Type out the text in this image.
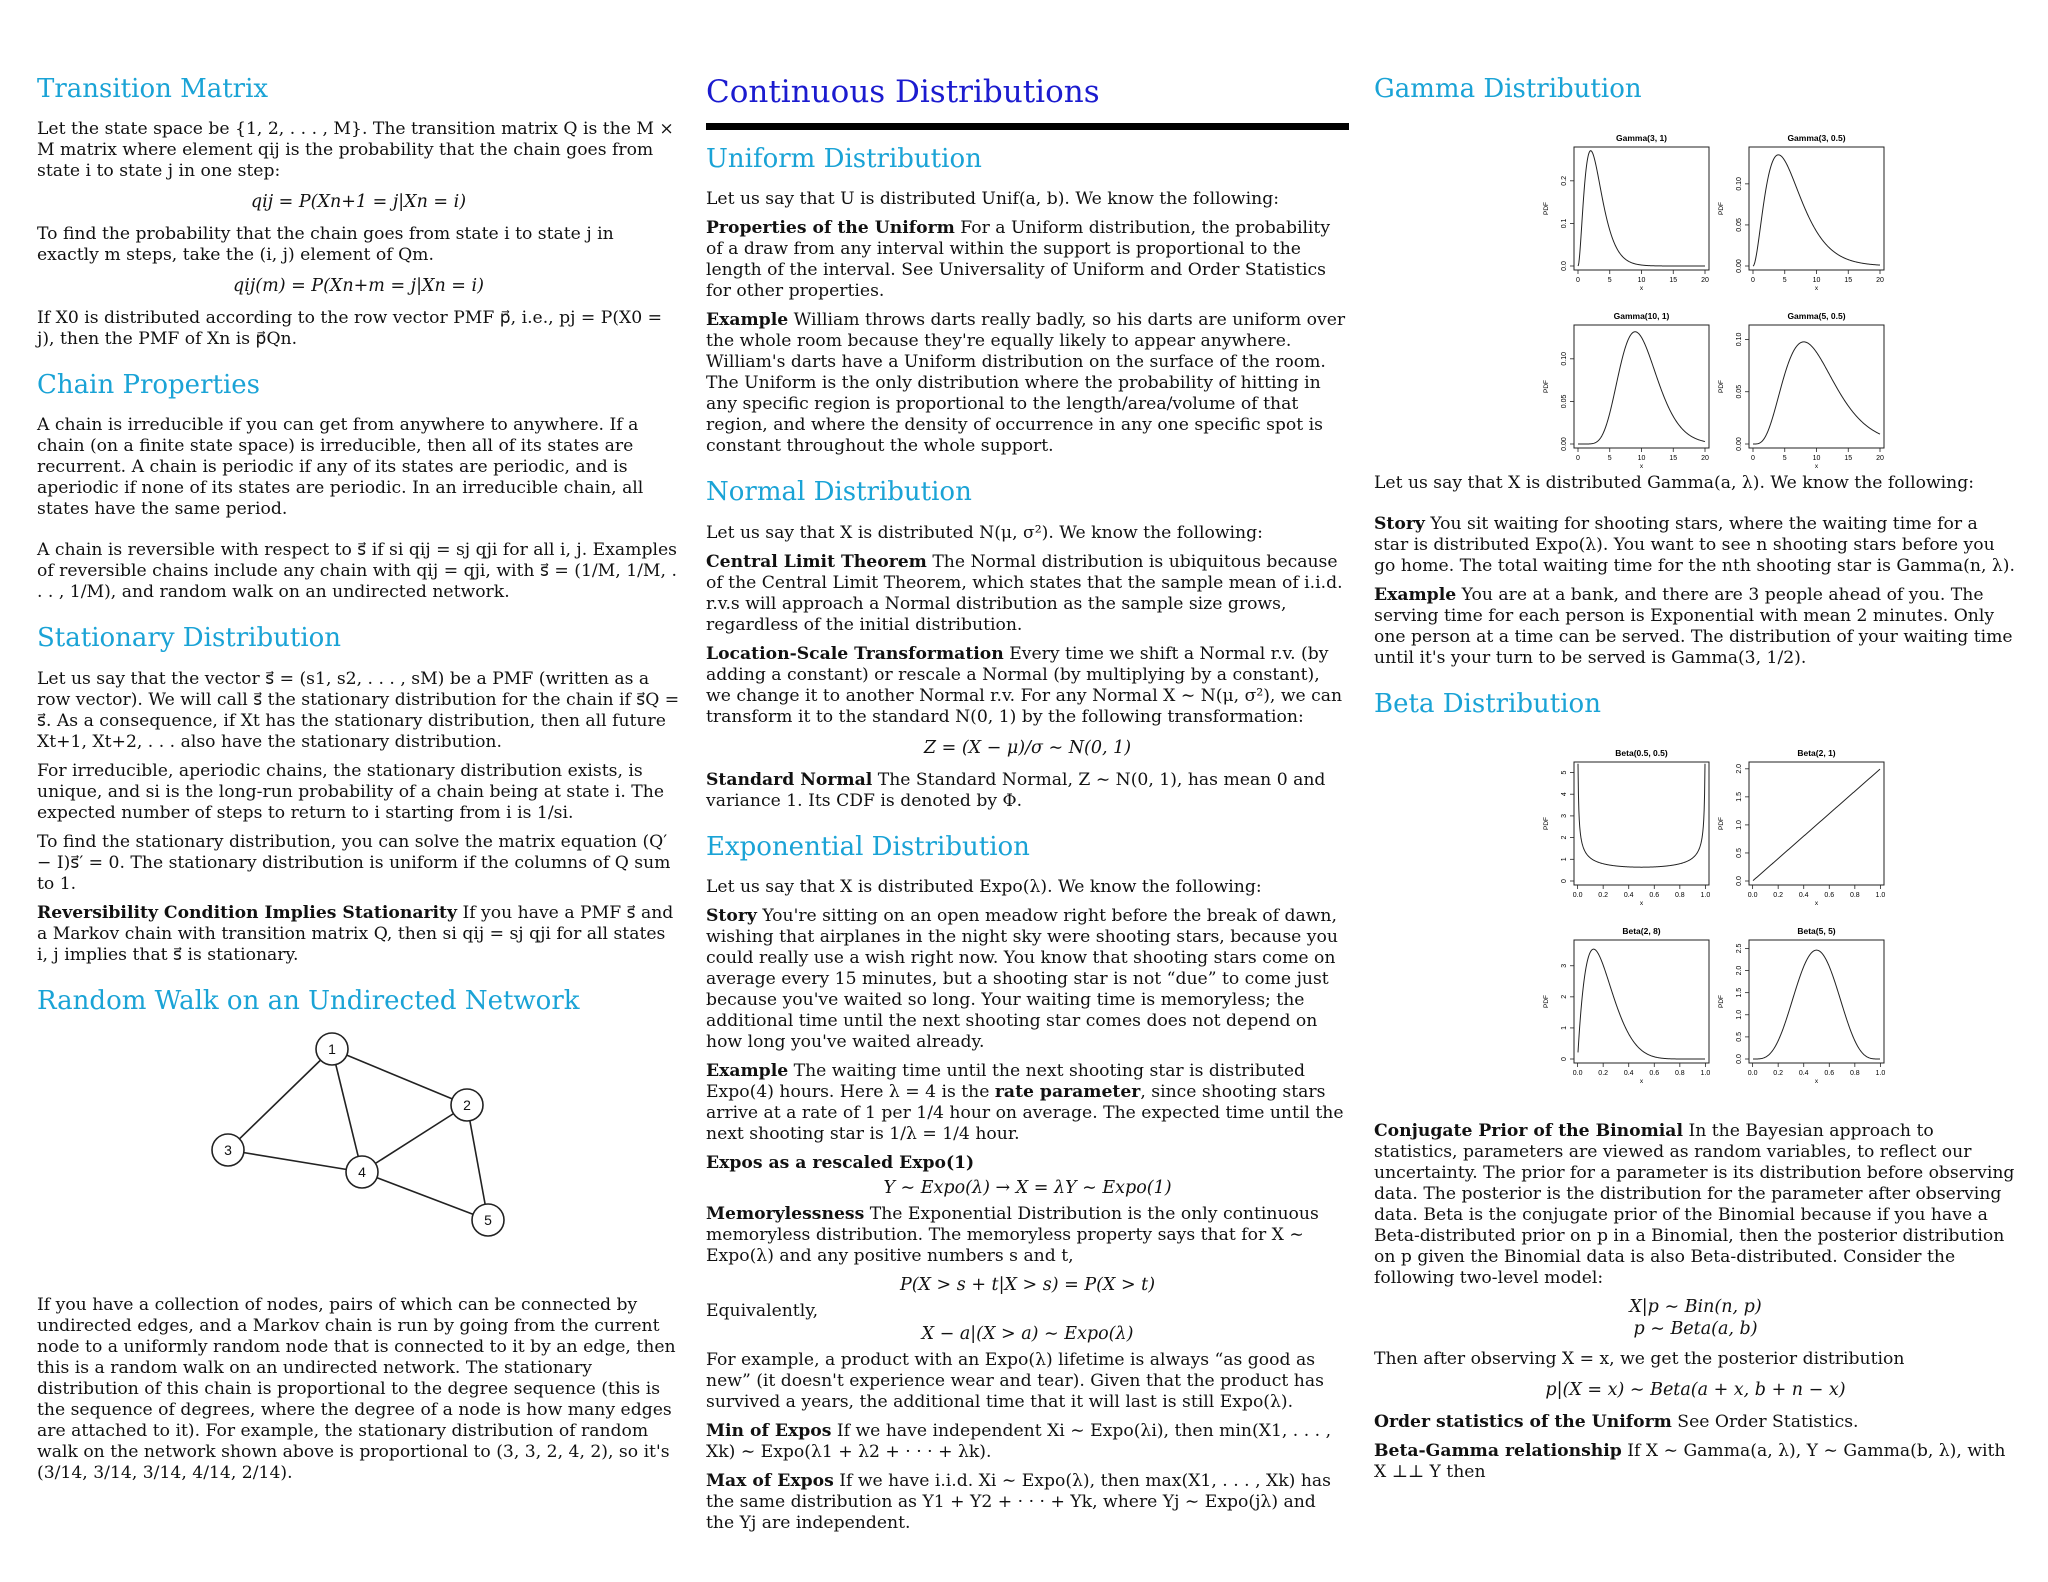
Transition Matrix

Let the state space be {1, 2, . . . , M}. The transition matrix Q is the M × M matrix where element qij is the probability that the chain goes from state i to state j in one step:

qij = P(Xn+1 = j|Xn = i)

To find the probability that the chain goes from state i to state j in exactly m steps, take the (i, j) element of Qm.

qij(m) = P(Xn+m = j|Xn = i)

If X0 is distributed according to the row vector PMF p⃗, i.e., pj = P(X0 = j), then the PMF of Xn is p⃗Qn.

Chain Properties

A chain is irreducible if you can get from anywhere to anywhere. If a chain (on a finite state space) is irreducible, then all of its states are recurrent. A chain is periodic if any of its states are periodic, and is aperiodic if none of its states are periodic. In an irreducible chain, all states have the same period.

A chain is reversible with respect to s⃗ if si qij = sj qji for all i, j. Examples of reversible chains include any chain with qij = qji, with s⃗ = (1/M, 1/M, . . . , 1/M), and random walk on an undirected network.

Stationary Distribution

Let us say that the vector s⃗ = (s1, s2, . . . , sM) be a PMF (written as a row vector). We will call s⃗ the stationary distribution for the chain if s⃗Q = s⃗. As a consequence, if Xt has the stationary distribution, then all future Xt+1, Xt+2, . . . also have the stationary distribution.

For irreducible, aperiodic chains, the stationary distribution exists, is unique, and si is the long-run probability of a chain being at state i. The expected number of steps to return to i starting from i is 1/si.

To find the stationary distribution, you can solve the matrix equation (Q′ − I)s⃗′ = 0. The stationary distribution is uniform if the columns of Q sum to 1.

Reversibility Condition Implies Stationarity If you have a PMF s⃗ and a Markov chain with transition matrix Q, then si qij = sj qji for all states i, j implies that s⃗ is stationary.

Random Walk on an Undirected Network
1
2
3
4
5

If you have a collection of nodes, pairs of which can be connected by undirected edges, and a Markov chain is run by going from the current node to a uniformly random node that is connected to it by an edge, then this is a random walk on an undirected network. The stationary distribution of this chain is proportional to the degree sequence (this is the sequence of degrees, where the degree of a node is how many edges are attached to it). For example, the stationary distribution of random walk on the network shown above is proportional to (3, 3, 2, 4, 2), so it's (3/14, 3/14, 3/14, 4/14, 2/14).

Continuous Distributions
Uniform Distribution

Let us say that U is distributed Unif(a, b). We know the following:

Properties of the Uniform For a Uniform distribution, the probability of a draw from any interval within the support is proportional to the length of the interval. See Universality of Uniform and Order Statistics for other properties.

Example William throws darts really badly, so his darts are uniform over the whole room because they're equally likely to appear anywhere. William's darts have a Uniform distribution on the surface of the room. The Uniform is the only distribution where the probability of hitting in any specific region is proportional to the length/area/volume of that region, and where the density of occurrence in any one specific spot is constant throughout the whole support.

Normal Distribution

Let us say that X is distributed N(μ, σ²). We know the following:

Central Limit Theorem The Normal distribution is ubiquitous because of the Central Limit Theorem, which states that the sample mean of i.i.d. r.v.s will approach a Normal distribution as the sample size grows, regardless of the initial distribution.

Location-Scale Transformation Every time we shift a Normal r.v. (by adding a constant) or rescale a Normal (by multiplying by a constant), we change it to another Normal r.v. For any Normal X ∼ N(μ, σ²), we can transform it to the standard N(0, 1) by the following transformation:

Z = (X − μ)/σ ∼ N(0, 1)

Standard Normal The Standard Normal, Z ∼ N(0, 1), has mean 0 and variance 1. Its CDF is denoted by Φ.

Exponential Distribution

Let us say that X is distributed Expo(λ). We know the following:

Story You're sitting on an open meadow right before the break of dawn, wishing that airplanes in the night sky were shooting stars, because you could really use a wish right now. You know that shooting stars come on average every 15 minutes, but a shooting star is not “due” to come just because you've waited so long. Your waiting time is memoryless; the additional time until the next shooting star comes does not depend on how long you've waited already.

Example The waiting time until the next shooting star is distributed Expo(4) hours. Here λ = 4 is the rate parameter, since shooting stars arrive at a rate of 1 per 1/4 hour on average. The expected time until the next shooting star is 1/λ = 1/4 hour.

Expos as a rescaled Expo(1)

Y ∼ Expo(λ) → X = λY ∼ Expo(1)

Memorylessness The Exponential Distribution is the only continuous memoryless distribution. The memoryless property says that for X ∼ Expo(λ) and any positive numbers s and t,

P(X > s + t|X > s) = P(X > t)

Equivalently,

X − a|(X > a) ∼ Expo(λ)

For example, a product with an Expo(λ) lifetime is always “as good as new” (it doesn't experience wear and tear). Given that the product has survived a years, the additional time that it will last is still Expo(λ).

Min of Expos If we have independent Xi ∼ Expo(λi), then min(X1, . . . , Xk) ∼ Expo(λ1 + λ2 + · · · + λk).

Max of Expos If we have i.i.d. Xi ∼ Expo(λ), then max(X1, . . . , Xk) has the same distribution as Y1 + Y2 + · · · + Yk, where Yj ∼ Expo(jλ) and the Yj are independent.

Gamma Distribution
Gamma(3, 1)
0	5	10	15	20
x
0.0
0.1
0.2
PDF
Gamma(3, 0.5)
0	5	10	15	20
x
0.00
0.05
0.10
PDF
Gamma(10, 1)
0	5	10	15	20
x
0.00
0.05
0.10
PDF
Gamma(5, 0.5)
0	5	10	15	20
x
0.00
0.05
0.10
PDF

Let us say that X is distributed Gamma(a, λ). We know the following:

Story You sit waiting for shooting stars, where the waiting time for a star is distributed Expo(λ). You want to see n shooting stars before you go home. The total waiting time for the nth shooting star is Gamma(n, λ).

Example You are at a bank, and there are 3 people ahead of you. The serving time for each person is Exponential with mean 2 minutes. Only one person at a time can be served. The distribution of your waiting time until it's your turn to be served is Gamma(3, 1/2).

Beta Distribution
Beta(0.5, 0.5)
0.0 0.2 0.4 0.6 0.8 1.0
x
0
1
2
3
4
5
PDF
Beta(2, 1)
0.0 0.2 0.4 0.6 0.8 1.0
x
0.0
0.5
1.0
1.5
2.0
PDF
Beta(2, 8)
0.0 0.2 0.4 0.6 0.8 1.0
x
0
1
2
3
PDF
Beta(5, 5)
0.0 0.2 0.4 0.6 0.8 1.0
x
0.0
0.5
1.0
1.5
2.0
2.5
PDF

Conjugate Prior of the Binomial In the Bayesian approach to statistics, parameters are viewed as random variables, to reflect our uncertainty. The prior for a parameter is its distribution before observing data. The posterior is the distribution for the parameter after observing data. Beta is the conjugate prior of the Binomial because if you have a Beta-distributed prior on p in a Binomial, then the posterior distribution on p given the Binomial data is also Beta-distributed. Consider the following two-level model:

X|p ∼ Bin(n, p)
p ∼ Beta(a, b)

Then after observing X = x, we get the posterior distribution

p|(X = x) ∼ Beta(a + x, b + n − x)

Order statistics of the Uniform See Order Statistics.

Beta-Gamma relationship If X ∼ Gamma(a, λ), Y ∼ Gamma(b, λ), with X ⊥⊥ Y then
